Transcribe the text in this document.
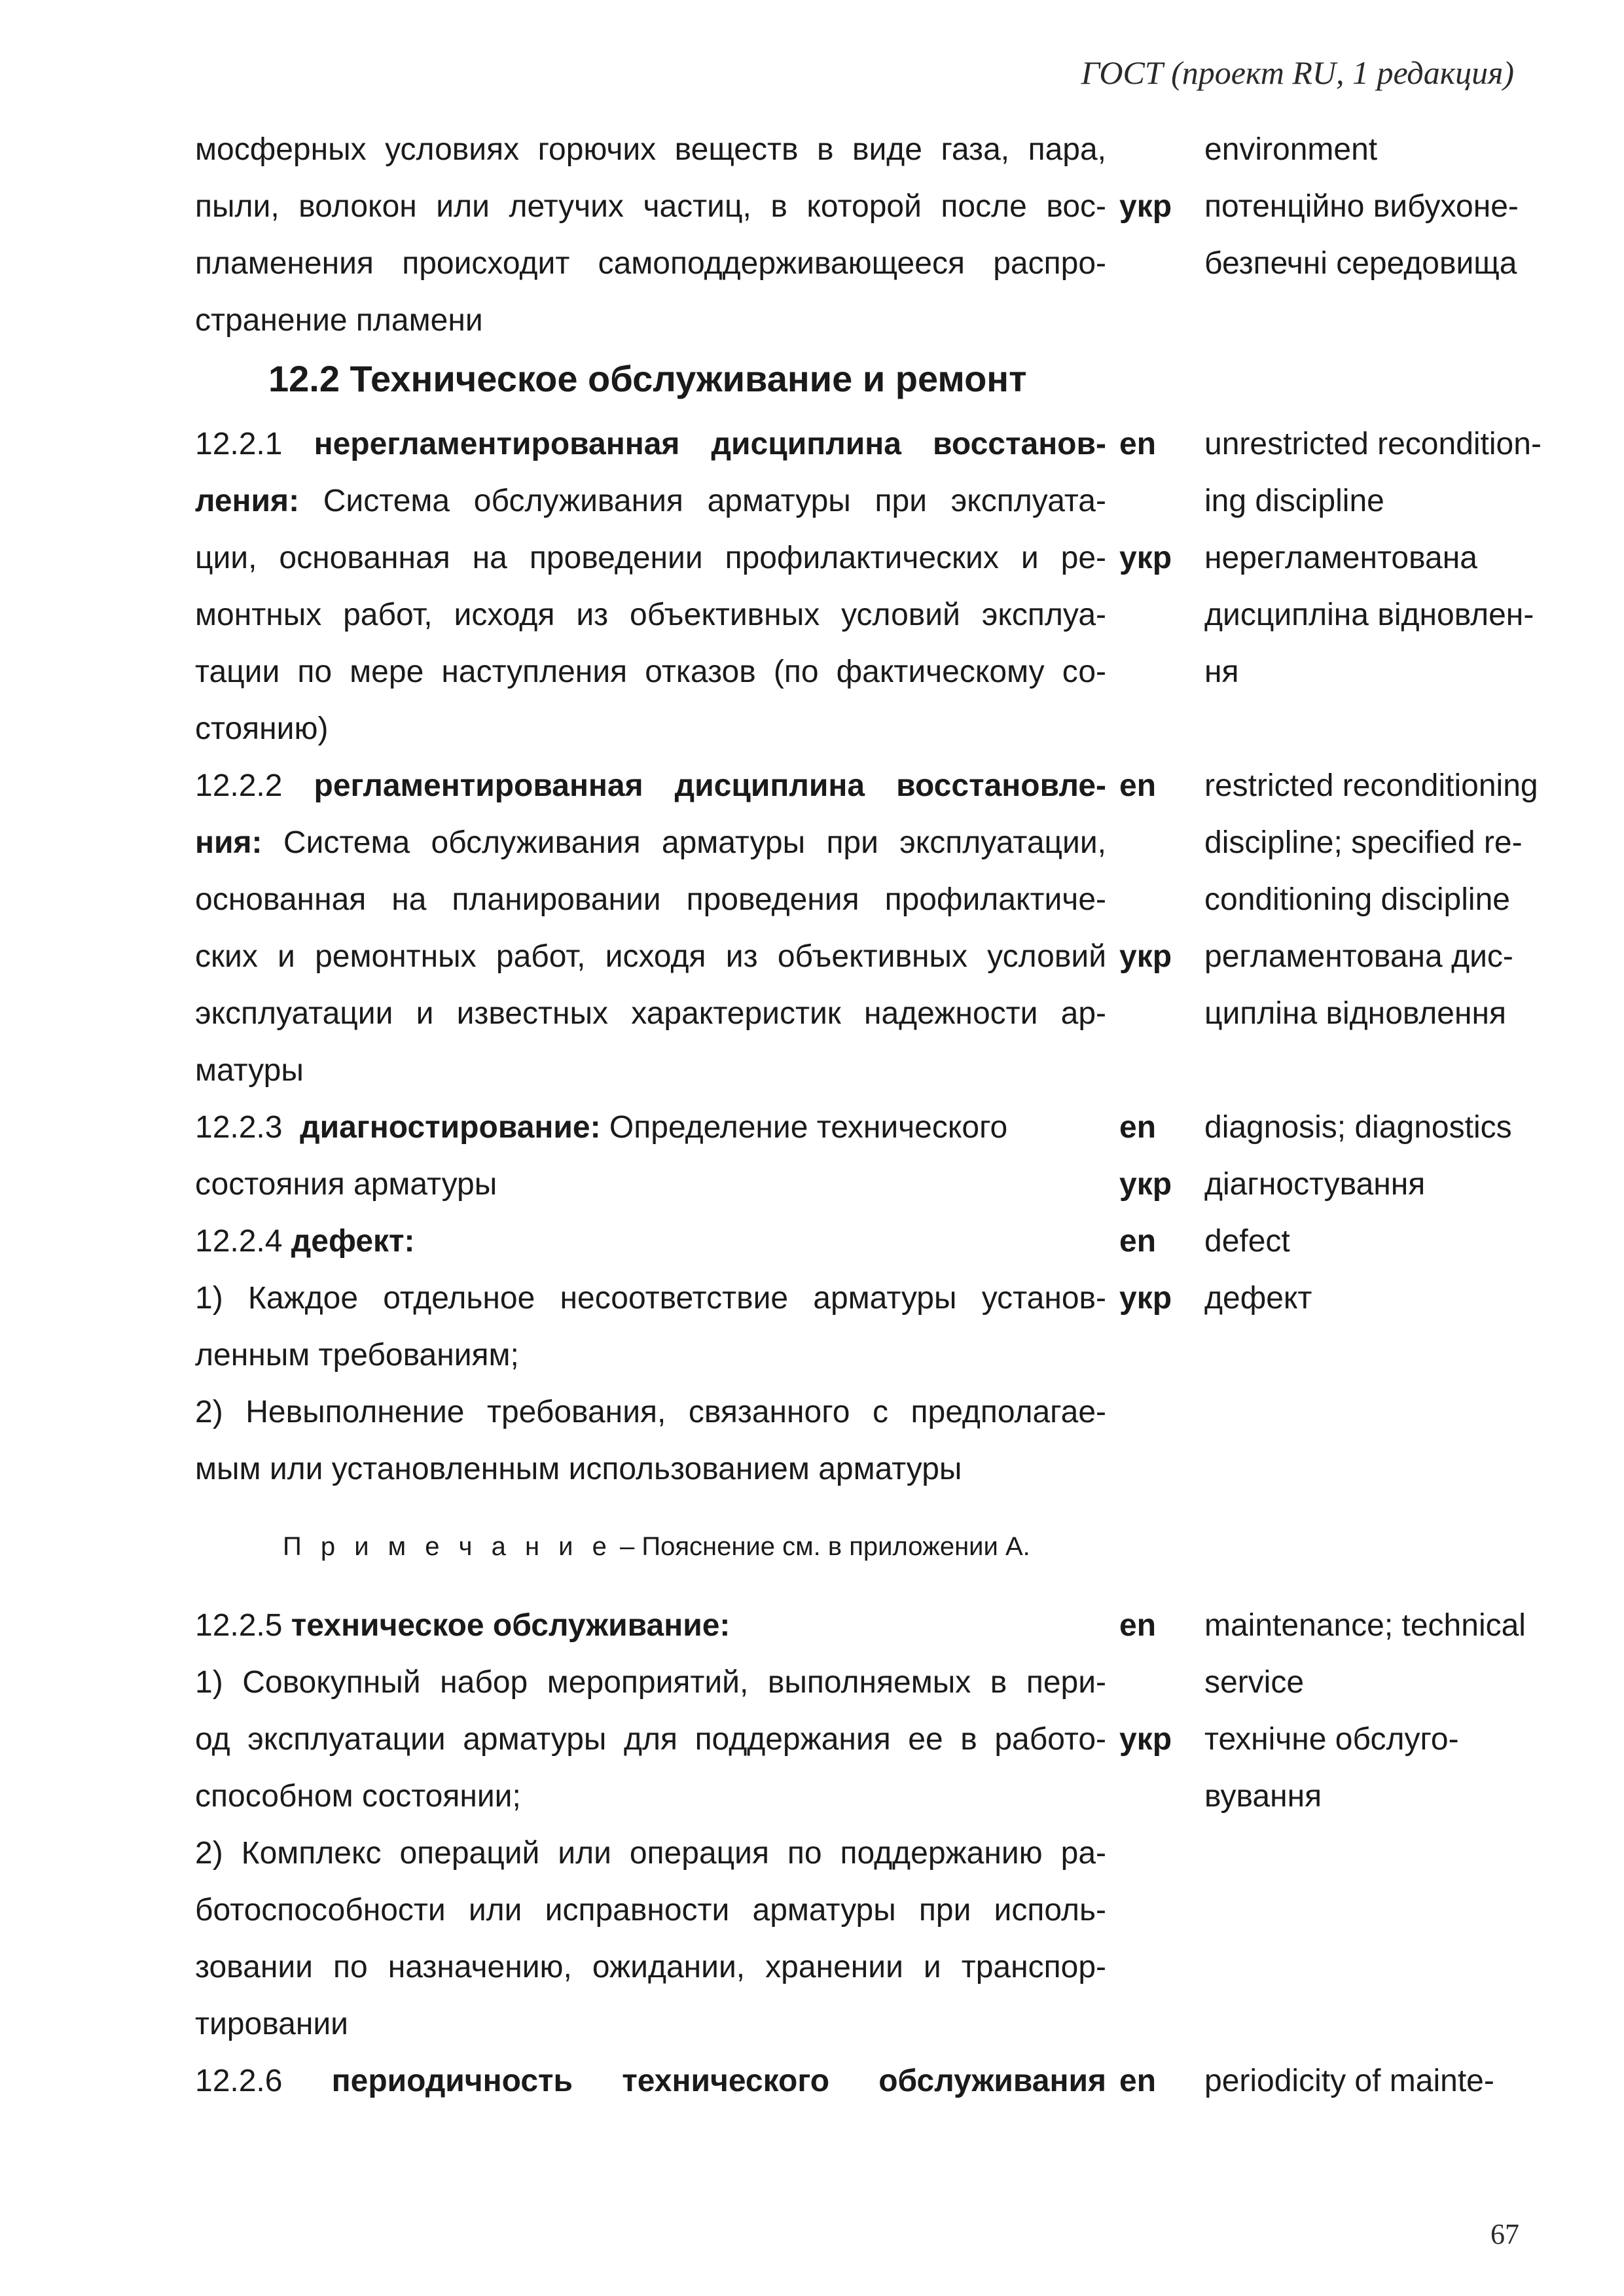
ГОСТ (проект RU, 1 редакция)
мосферных условиях горючих веществ в виде газа, пара,
пыли, волокон или летучих частиц, в которой после вос-
пламенения происходит самоподдерживающееся распро-
странение пламени
environment
укр потенційно вибухоне-
безпечні середовища
12.2 Техническое обслуживание и ремонт
12.2.1 нерегламентированная дисциплина восстанов-
ления: Система обслуживания арматуры при эксплуата-
ции, основанная на проведении профилактических и ре-
монтных работ, исходя из объективных условий эксплуа-
тации по мере наступления отказов (по фактическому со-
стоянию)
en unrestricted recondition-
ing discipline
укр нерегламентована
дисципліна відновлен-
ня
12.2.2 регламентированная дисциплина восстановле-
ния: Система обслуживания арматуры при эксплуатации,
основанная на планировании проведения профилактиче-
ских и ремонтных работ, исходя из объективных условий
эксплуатации и известных характеристик надежности ар-
матуры
en restricted reconditioning
discipline; specified re-
conditioning discipline
укр регламентована дис-
ципліна відновлення
12.2.3 диагностирование: Определение технического
состояния арматуры
en diagnosis; diagnostics
укр діагностування
12.2.4 дефект:
1) Каждое отдельное несоответствие арматуры установ-
ленным требованиям;
2) Невыполнение требования, связанного с предполагае-
мым или установленным использованием арматуры
en defect
укр дефект
П р и м е ч а н и е – Пояснение см. в приложении А.
12.2.5 техническое обслуживание:
1) Совокупный набор мероприятий, выполняемых в пери-
од эксплуатации арматуры для поддержания ее в работо-
способном состоянии;
2) Комплекс операций или операция по поддержанию ра-
ботоспособности или исправности арматуры при исполь-
зовании по назначению, ожидании, хранении и транспор-
тировании
en maintenance; technical
service
укр технічне обслуго-
вування
12.2.6 периодичность технического обслуживания en periodicity of mainte-
67
